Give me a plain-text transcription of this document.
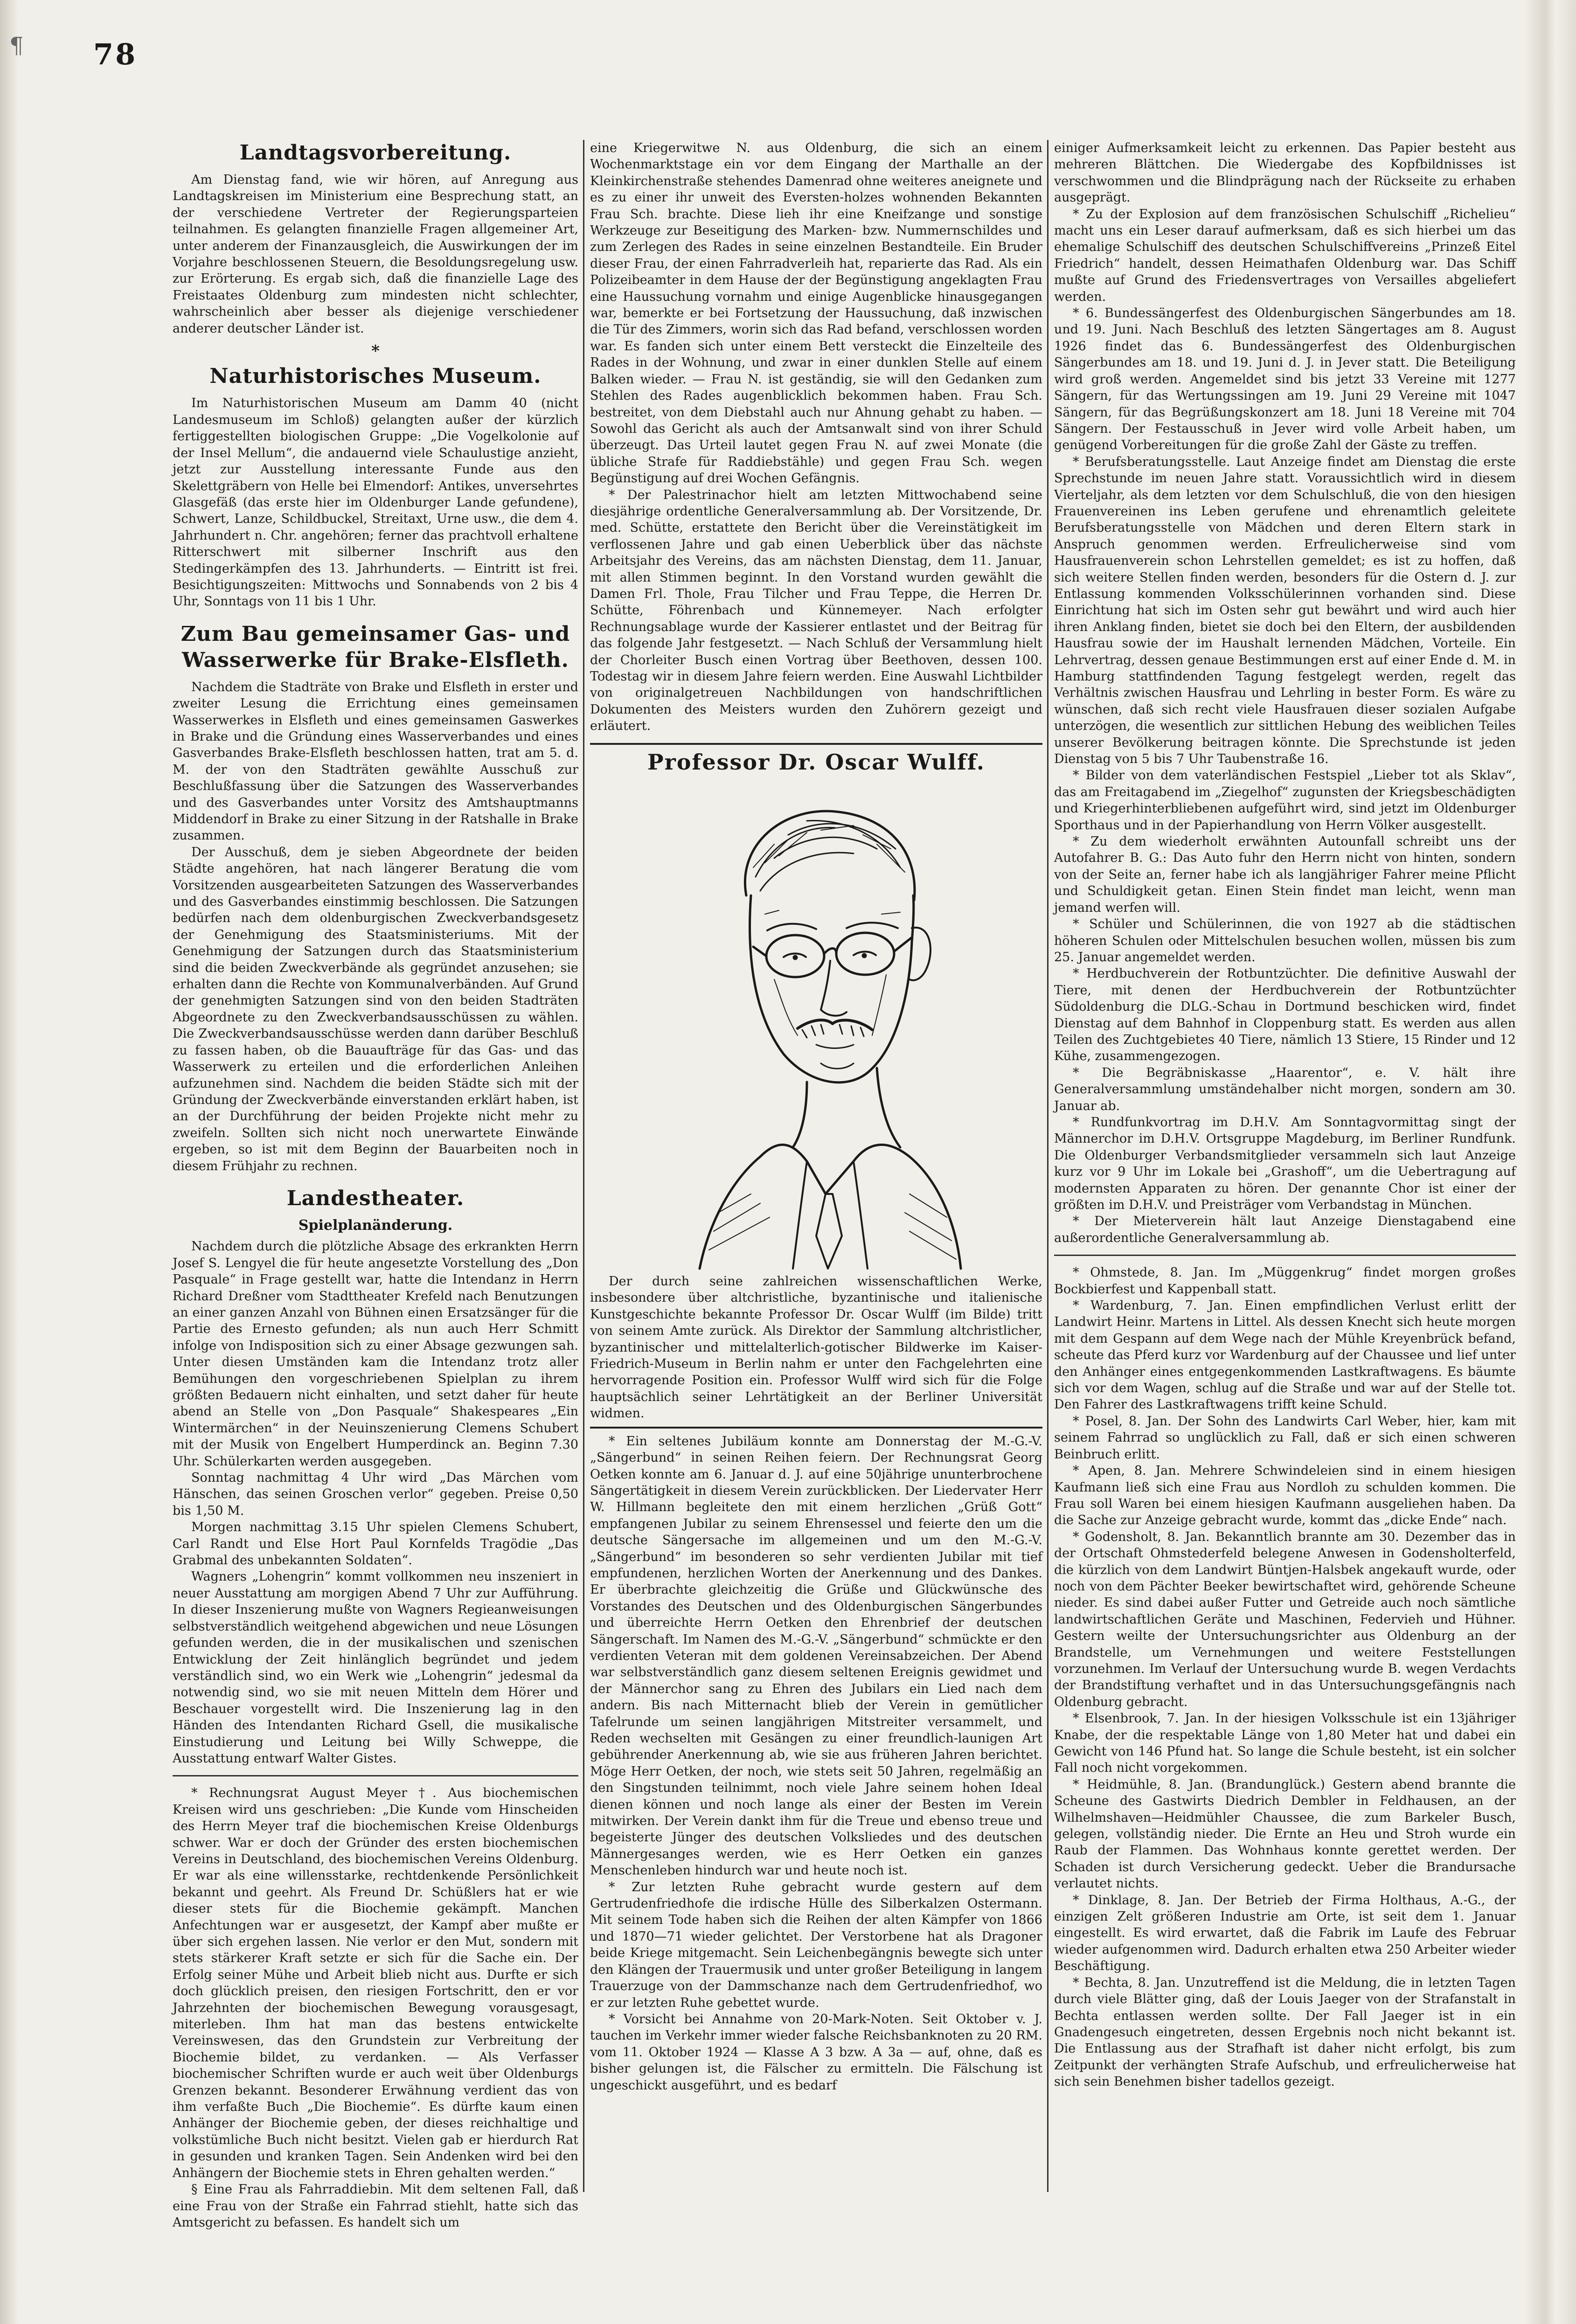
¶ 78
Landtagsvorbereitung.

Am Dienstag fand, wie wir hören, auf Anregung aus Landtagskreisen im Ministerium eine Besprechung statt, an der verschiedene Vertreter der Regierungsparteien teilnahmen. Es gelangten finanzielle Fragen allgemeiner Art, unter anderem der Finanzausgleich, die Auswirkungen der im Vorjahre beschlossenen Steuern, die Besoldungsregelung usw. zur Erörterung. Es ergab sich, daß die finanzielle Lage des Freistaates Oldenburg zum mindesten nicht schlechter, wahrscheinlich aber besser als diejenige verschiedener anderer deutscher Länder ist.

*
Naturhistorisches Museum.

Im Naturhistorischen Museum am Damm 40 (nicht Landesmuseum im Schloß) gelangten außer der kürzlich fertiggestellten biologischen Gruppe: „Die Vogelkolonie auf der Insel Mellum“, die andauernd viele Schaulustige anzieht, jetzt zur Ausstellung interessante Funde aus den Skelettgräbern von Helle bei Elmendorf: Antikes, unversehrtes Glasgefäß (das erste hier im Oldenburger Lande gefundene), Schwert, Lanze, Schildbuckel, Streitaxt, Urne usw., die dem 4. Jahrhundert n. Chr. angehören; ferner das prachtvoll erhaltene Ritterschwert mit silberner Inschrift aus den Stedingerkämpfen des 13. Jahrhunderts. — Eintritt ist frei. Besichtigungszeiten: Mittwochs und Sonnabends von 2 bis 4 Uhr, Sonntags von 11 bis 1 Uhr.

Zum Bau gemeinsamer Gas- und Wasserwerke für Brake-Elsfleth.

Nachdem die Stadträte von Brake und Elsfleth in erster und zweiter Lesung die Errichtung eines gemeinsamen Wasserwerkes in Elsfleth und eines gemeinsamen Gaswerkes in Brake und die Gründung eines Wasserverbandes und eines Gasverbandes Brake-Elsfleth beschlossen hatten, trat am 5. d. M. der von den Stadträten gewählte Ausschuß zur Beschlußfassung über die Satzungen des Wasserverbandes und des Gasverbandes unter Vorsitz des Amtshauptmanns Middendorf in Brake zu einer Sitzung in der Ratshalle in Brake zusammen.

Der Ausschuß, dem je sieben Abgeordnete der beiden Städte angehören, hat nach längerer Beratung die vom Vorsitzenden ausgearbeiteten Satzungen des Wasserverbandes und des Gasverbandes einstimmig beschlossen. Die Satzungen bedürfen nach dem oldenburgischen Zweckverbandsgesetz der Genehmigung des Staatsministeriums. Mit der Genehmigung der Satzungen durch das Staatsministerium sind die beiden Zweckverbände als gegründet anzusehen; sie erhalten dann die Rechte von Kommunalverbänden. Auf Grund der genehmigten Satzungen sind von den beiden Stadträten Abgeordnete zu den Zweckverbandsausschüssen zu wählen. Die Zweckverbandsausschüsse werden dann darüber Beschluß zu fassen haben, ob die Bauaufträge für das Gas- und das Wasserwerk zu erteilen und die erforderlichen Anleihen aufzunehmen sind. Nachdem die beiden Städte sich mit der Gründung der Zweckverbände einverstanden erklärt haben, ist an der Durchführung der beiden Projekte nicht mehr zu zweifeln. Sollten sich nicht noch unerwartete Einwände ergeben, so ist mit dem Beginn der Bauarbeiten noch in diesem Frühjahr zu rechnen.

Landestheater.
Spielplanänderung.

Nachdem durch die plötzliche Absage des erkrankten Herrn Josef S. Lengyel die für heute angesetzte Vorstellung des „Don Pasquale“ in Frage gestellt war, hatte die Intendanz in Herrn Richard Dreßner vom Stadttheater Krefeld nach Benutzungen an einer ganzen Anzahl von Bühnen einen Ersatzsänger für die Partie des Ernesto gefunden; als nun auch Herr Schmitt infolge von Indisposition sich zu einer Absage gezwungen sah. Unter diesen Umständen kam die Intendanz trotz aller Bemühungen den vorgeschriebenen Spielplan zu ihrem größten Bedauern nicht einhalten, und setzt daher für heute abend an Stelle von „Don Pasquale“ Shakespeares „Ein Wintermärchen“ in der Neuinszenierung Clemens Schubert mit der Musik von Engelbert Humperdinck an. Beginn 7.30 Uhr. Schülerkarten werden ausgegeben.

Sonntag nachmittag 4 Uhr wird „Das Märchen vom Hänschen, das seinen Groschen verlor“ gegeben. Preise 0,50 bis 1,50 M.

Morgen nachmittag 3.15 Uhr spielen Clemens Schubert, Carl Randt und Else Hort Paul Kornfelds Tragödie „Das Grabmal des unbekannten Soldaten“.

Wagners „Lohengrin“ kommt vollkommen neu inszeniert in neuer Ausstattung am morgigen Abend 7 Uhr zur Aufführung. In dieser Inszenierung mußte von Wagners Regieanweisungen selbstverständlich weitgehend abgewichen und neue Lösungen gefunden werden, die in der musikalischen und szenischen Entwicklung der Zeit hinlänglich begründet und jedem verständlich sind, wo ein Werk wie „Lohengrin“ jedesmal da notwendig sind, wo sie mit neuen Mitteln dem Hörer und Beschauer vorgestellt wird. Die Inszenierung lag in den Händen des Intendanten Richard Gsell, die musikalische Einstudierung und Leitung bei Willy Schweppe, die Ausstattung entwarf Walter Gistes.

* Rechnungsrat August Meyer †. Aus biochemischen Kreisen wird uns geschrieben: „Die Kunde vom Hinscheiden des Herrn Meyer traf die biochemischen Kreise Oldenburgs schwer. War er doch der Gründer des ersten biochemischen Vereins in Deutschland, des biochemischen Vereins Oldenburg. Er war als eine willensstarke, rechtdenkende Persönlichkeit bekannt und geehrt. Als Freund Dr. Schüßlers hat er wie dieser stets für die Biochemie gekämpft. Manchen Anfechtungen war er ausgesetzt, der Kampf aber mußte er über sich ergehen lassen. Nie verlor er den Mut, sondern mit stets stärkerer Kraft setzte er sich für die Sache ein. Der Erfolg seiner Mühe und Arbeit blieb nicht aus. Durfte er sich doch glücklich preisen, den riesigen Fortschritt, den er vor Jahrzehnten der biochemischen Bewegung vorausgesagt, miterleben. Ihm hat man das bestens entwickelte Vereinswesen, das den Grundstein zur Verbreitung der Biochemie bildet, zu verdanken. — Als Verfasser biochemischer Schriften wurde er auch weit über Oldenburgs Grenzen bekannt. Besonderer Erwähnung verdient das von ihm verfaßte Buch „Die Biochemie“. Es dürfte kaum einen Anhänger der Biochemie geben, der dieses reichhaltige und volkstümliche Buch nicht besitzt. Vielen gab er hierdurch Rat in gesunden und kranken Tagen. Sein Andenken wird bei den Anhängern der Biochemie stets in Ehren gehalten werden.“

§ Eine Frau als Fahrraddiebin. Mit dem seltenen Fall, daß eine Frau von der Straße ein Fahrrad stiehlt, hatte sich das Amtsgericht zu befassen. Es handelt sich um

eine Kriegerwitwe N. aus Oldenburg, die sich an einem Wochenmarktstage ein vor dem Eingang der Marthalle an der Kleinkirchenstraße stehendes Damenrad ohne weiteres aneignete und es zu einer ihr unweit des Eversten-holzes wohnenden Bekannten Frau Sch. brachte. Diese lieh ihr eine Kneifzange und sonstige Werkzeuge zur Beseitigung des Marken- bzw. Nummernschildes und zum Zerlegen des Rades in seine einzelnen Bestandteile. Ein Bruder dieser Frau, der einen Fahrradverleih hat, reparierte das Rad. Als ein Polizeibeamter in dem Hause der der Begünstigung angeklagten Frau eine Haussuchung vornahm und einige Augenblicke hinausgegangen war, bemerkte er bei Fortsetzung der Haussuchung, daß inzwischen die Tür des Zimmers, worin sich das Rad befand, verschlossen worden war. Es fanden sich unter einem Bett versteckt die Einzelteile des Rades in der Wohnung, und zwar in einer dunklen Stelle auf einem Balken wieder. — Frau N. ist geständig, sie will den Gedanken zum Stehlen des Rades augenblicklich bekommen haben. Frau Sch. bestreitet, von dem Diebstahl auch nur Ahnung gehabt zu haben. — Sowohl das Gericht als auch der Amtsanwalt sind von ihrer Schuld überzeugt. Das Urteil lautet gegen Frau N. auf zwei Monate (die übliche Strafe für Raddiebstähle) und gegen Frau Sch. wegen Begünstigung auf drei Wochen Gefängnis.

* Der Palestrinachor hielt am letzten Mittwochabend seine diesjährige ordentliche Generalversammlung ab. Der Vorsitzende, Dr. med. Schütte, erstattete den Bericht über die Vereinstätigkeit im verflossenen Jahre und gab einen Ueberblick über das nächste Arbeitsjahr des Vereins, das am nächsten Dienstag, dem 11. Januar, mit allen Stimmen beginnt. In den Vorstand wurden gewählt die Damen Frl. Thole, Frau Tilcher und Frau Teppe, die Herren Dr. Schütte, Föhrenbach und Künnemeyer. Nach erfolgter Rechnungsablage wurde der Kassierer entlastet und der Beitrag für das folgende Jahr festgesetzt. — Nach Schluß der Versammlung hielt der Chorleiter Busch einen Vortrag über Beethoven, dessen 100. Todestag wir in diesem Jahre feiern werden. Eine Auswahl Lichtbilder von originalgetreuen Nachbildungen von handschriftlichen Dokumenten des Meisters wurden den Zuhörern gezeigt und erläutert.

Professor Dr. Oscar Wulff.

Der durch seine zahlreichen wissenschaftlichen Werke, insbesondere über altchristliche, byzantinische und italienische Kunstgeschichte bekannte Professor Dr. Oscar Wulff (im Bilde) tritt von seinem Amte zurück. Als Direktor der Sammlung altchristlicher, byzantinischer und mittelalterlich-gotischer Bildwerke im Kaiser-Friedrich-Museum in Berlin nahm er unter den Fachgelehrten eine hervorragende Position ein. Professor Wulff wird sich für die Folge hauptsächlich seiner Lehrtätigkeit an der Berliner Universität widmen.

* Ein seltenes Jubiläum konnte am Donnerstag der M.-G.-V. „Sängerbund“ in seinen Reihen feiern. Der Rechnungsrat Georg Oetken konnte am 6. Januar d. J. auf eine 50jährige ununterbrochene Sängertätigkeit in diesem Verein zurückblicken. Der Liedervater Herr W. Hillmann begleitete den mit einem herzlichen „Grüß Gott“ empfangenen Jubilar zu seinem Ehrensessel und feierte den um die deutsche Sängersache im allgemeinen und um den M.-G.-V. „Sängerbund“ im besonderen so sehr verdienten Jubilar mit tief empfundenen, herzlichen Worten der Anerkennung und des Dankes. Er überbrachte gleichzeitig die Grüße und Glückwünsche des Vorstandes des Deutschen und des Oldenburgischen Sängerbundes und überreichte Herrn Oetken den Ehrenbrief der deutschen Sängerschaft. Im Namen des M.-G.-V. „Sängerbund“ schmückte er den verdienten Veteran mit dem goldenen Vereinsabzeichen. Der Abend war selbstverständlich ganz diesem seltenen Ereignis gewidmet und der Männerchor sang zu Ehren des Jubilars ein Lied nach dem andern. Bis nach Mitternacht blieb der Verein in gemütlicher Tafelrunde um seinen langjährigen Mitstreiter versammelt, und Reden wechselten mit Gesängen zu einer freundlich-launigen Art gebührender Anerkennung ab, wie sie aus früheren Jahren berichtet. Möge Herr Oetken, der noch, wie stets seit 50 Jahren, regelmäßig an den Singstunden teilnimmt, noch viele Jahre seinem hohen Ideal dienen können und noch lange als einer der Besten im Verein mitwirken. Der Verein dankt ihm für die Treue und ebenso treue und begeisterte Jünger des deutschen Volksliedes und des deutschen Männergesanges werden, wie es Herr Oetken ein ganzes Menschenleben hindurch war und heute noch ist.

* Zur letzten Ruhe gebracht wurde gestern auf dem Gertrudenfriedhofe die irdische Hülle des Silberkalzen Ostermann. Mit seinem Tode haben sich die Reihen der alten Kämpfer von 1866 und 1870—71 wieder gelichtet. Der Verstorbene hat als Dragoner beide Kriege mitgemacht. Sein Leichenbegängnis bewegte sich unter den Klängen der Trauermusik und unter großer Beteiligung in langem Trauerzuge von der Dammschanze nach dem Gertrudenfriedhof, wo er zur letzten Ruhe gebettet wurde.

* Vorsicht bei Annahme von 20-Mark-Noten. Seit Oktober v. J. tauchen im Verkehr immer wieder falsche Reichsbanknoten zu 20 RM. vom 11. Oktober 1924 — Klasse A 3 bzw. A 3a — auf, ohne, daß es bisher gelungen ist, die Fälscher zu ermitteln. Die Fälschung ist ungeschickt ausgeführt, und es bedarf

einiger Aufmerksamkeit leicht zu erkennen. Das Papier besteht aus mehreren Blättchen. Die Wiedergabe des Kopfbildnisses ist verschwommen und die Blindprägung nach der Rückseite zu erhaben ausgeprägt.

* Zu der Explosion auf dem französischen Schulschiff „Richelieu“ macht uns ein Leser darauf aufmerksam, daß es sich hierbei um das ehemalige Schulschiff des deutschen Schulschiffvereins „Prinzeß Eitel Friedrich“ handelt, dessen Heimathafen Oldenburg war. Das Schiff mußte auf Grund des Friedensvertrages von Versailles abgeliefert werden.

* 6. Bundessängerfest des Oldenburgischen Sängerbundes am 18. und 19. Juni. Nach Beschluß des letzten Sängertages am 8. August 1926 findet das 6. Bundessängerfest des Oldenburgischen Sängerbundes am 18. und 19. Juni d. J. in Jever statt. Die Beteiligung wird groß werden. Angemeldet sind bis jetzt 33 Vereine mit 1277 Sängern, für das Wertungssingen am 19. Juni 29 Vereine mit 1047 Sängern, für das Begrüßungskonzert am 18. Juni 18 Vereine mit 704 Sängern. Der Festausschuß in Jever wird volle Arbeit haben, um genügend Vorbereitungen für die große Zahl der Gäste zu treffen.

* Berufsberatungsstelle. Laut Anzeige findet am Dienstag die erste Sprechstunde im neuen Jahre statt. Voraussichtlich wird in diesem Vierteljahr, als dem letzten vor dem Schulschluß, die von den hiesigen Frauenvereinen ins Leben gerufene und ehrenamtlich geleitete Berufsberatungsstelle von Mädchen und deren Eltern stark in Anspruch genommen werden. Erfreulicherweise sind vom Hausfrauenverein schon Lehrstellen gemeldet; es ist zu hoffen, daß sich weitere Stellen finden werden, besonders für die Ostern d. J. zur Entlassung kommenden Volksschülerinnen vorhanden sind. Diese Einrichtung hat sich im Osten sehr gut bewährt und wird auch hier ihren Anklang finden, bietet sie doch bei den Eltern, der ausbildenden Hausfrau sowie der im Haushalt lernenden Mädchen, Vorteile. Ein Lehrvertrag, dessen genaue Bestimmungen erst auf einer Ende d. M. in Hamburg stattfindenden Tagung festgelegt werden, regelt das Verhältnis zwischen Hausfrau und Lehrling in bester Form. Es wäre zu wünschen, daß sich recht viele Hausfrauen dieser sozialen Aufgabe unterzögen, die wesentlich zur sittlichen Hebung des weiblichen Teiles unserer Bevölkerung beitragen könnte. Die Sprechstunde ist jeden Dienstag von 5 bis 7 Uhr Taubenstraße 16.

* Bilder von dem vaterländischen Festspiel „Lieber tot als Sklav“, das am Freitagabend im „Ziegelhof“ zugunsten der Kriegsbeschädigten und Kriegerhinterbliebenen aufgeführt wird, sind jetzt im Oldenburger Sporthaus und in der Papierhandlung von Herrn Völker ausgestellt.

* Zu dem wiederholt erwähnten Autounfall schreibt uns der Autofahrer B. G.: Das Auto fuhr den Herrn nicht von hinten, sondern von der Seite an, ferner habe ich als langjähriger Fahrer meine Pflicht und Schuldigkeit getan. Einen Stein findet man leicht, wenn man jemand werfen will.

* Schüler und Schülerinnen, die von 1927 ab die städtischen höheren Schulen oder Mittelschulen besuchen wollen, müssen bis zum 25. Januar angemeldet werden.

* Herdbuchverein der Rotbuntzüchter. Die definitive Auswahl der Tiere, mit denen der Herdbuchverein der Rotbuntzüchter Südoldenburg die DLG.-Schau in Dortmund beschicken wird, findet Dienstag auf dem Bahnhof in Cloppenburg statt. Es werden aus allen Teilen des Zuchtgebietes 40 Tiere, nämlich 13 Stiere, 15 Rinder und 12 Kühe, zusammengezogen.

* Die Begräbniskasse „Haarentor“, e. V. hält ihre Generalversammlung umständehalber nicht morgen, sondern am 30. Januar ab.

* Rundfunkvortrag im D.H.V. Am Sonntagvormittag singt der Männerchor im D.H.V. Ortsgruppe Magdeburg, im Berliner Rundfunk. Die Oldenburger Verbandsmitglieder versammeln sich laut Anzeige kurz vor 9 Uhr im Lokale bei „Grashoff“, um die Uebertragung auf modernsten Apparaten zu hören. Der genannte Chor ist einer der größten im D.H.V. und Preisträger vom Verbandstag in München.

* Der Mieterverein hält laut Anzeige Dienstagabend eine außerordentliche Generalversammlung ab.

* Ohmstede, 8. Jan. Im „Müggenkrug“ findet morgen großes Bockbierfest und Kappenball statt.

* Wardenburg, 7. Jan. Einen empfindlichen Verlust erlitt der Landwirt Heinr. Martens in Littel. Als dessen Knecht sich heute morgen mit dem Gespann auf dem Wege nach der Mühle Kreyenbrück befand, scheute das Pferd kurz vor Wardenburg auf der Chaussee und lief unter den Anhänger eines entgegenkommenden Lastkraftwagens. Es bäumte sich vor dem Wagen, schlug auf die Straße und war auf der Stelle tot. Den Fahrer des Lastkraftwagens trifft keine Schuld.

* Posel, 8. Jan. Der Sohn des Landwirts Carl Weber, hier, kam mit seinem Fahrrad so unglücklich zu Fall, daß er sich einen schweren Beinbruch erlitt.

* Apen, 8. Jan. Mehrere Schwindeleien sind in einem hiesigen Kaufmann ließ sich eine Frau aus Nordloh zu schulden kommen. Die Frau soll Waren bei einem hiesigen Kaufmann ausgeliehen haben. Da die Sache zur Anzeige gebracht wurde, kommt das „dicke Ende“ nach.

* Godensholt, 8. Jan. Bekanntlich brannte am 30. Dezember das in der Ortschaft Ohmstederfeld belegene Anwesen in Godensholterfeld, die kürzlich von dem Landwirt Büntjen-Halsbek angekauft wurde, oder noch von dem Pächter Beeker bewirtschaftet wird, gehörende Scheune nieder. Es sind dabei außer Futter und Getreide auch noch sämtliche landwirtschaftlichen Geräte und Maschinen, Federvieh und Hühner. Gestern weilte der Untersuchungsrichter aus Oldenburg an der Brandstelle, um Vernehmungen und weitere Feststellungen vorzunehmen. Im Verlauf der Untersuchung wurde B. wegen Verdachts der Brandstiftung verhaftet und in das Untersuchungsgefängnis nach Oldenburg gebracht.

* Elsenbrook, 7. Jan. In der hiesigen Volksschule ist ein 13jähriger Knabe, der die respektable Länge von 1,80 Meter hat und dabei ein Gewicht von 146 Pfund hat. So lange die Schule besteht, ist ein solcher Fall noch nicht vorgekommen.

* Heidmühle, 8. Jan. (Brandunglück.) Gestern abend brannte die Scheune des Gastwirts Diedrich Dembler in Feldhausen, an der Wilhelmshaven—Heidmühler Chaussee, die zum Barkeler Busch, gelegen, vollständig nieder. Die Ernte an Heu und Stroh wurde ein Raub der Flammen. Das Wohnhaus konnte gerettet werden. Der Schaden ist durch Versicherung gedeckt. Ueber die Brandursache verlautet nichts.

* Dinklage, 8. Jan. Der Betrieb der Firma Holthaus, A.-G., der einzigen Zelt größeren Industrie am Orte, ist seit dem 1. Januar eingestellt. Es wird erwartet, daß die Fabrik im Laufe des Februar wieder aufgenommen wird. Dadurch erhalten etwa 250 Arbeiter wieder Beschäftigung.

* Bechta, 8. Jan. Unzutreffend ist die Meldung, die in letzten Tagen durch viele Blätter ging, daß der Louis Jaeger von der Strafanstalt in Bechta entlassen werden sollte. Der Fall Jaeger ist in ein Gnadengesuch eingetreten, dessen Ergebnis noch nicht bekannt ist. Die Entlassung aus der Strafhaft ist daher nicht erfolgt, bis zum Zeitpunkt der verhängten Strafe Aufschub, und erfreulicherweise hat sich sein Benehmen bisher tadellos gezeigt.
